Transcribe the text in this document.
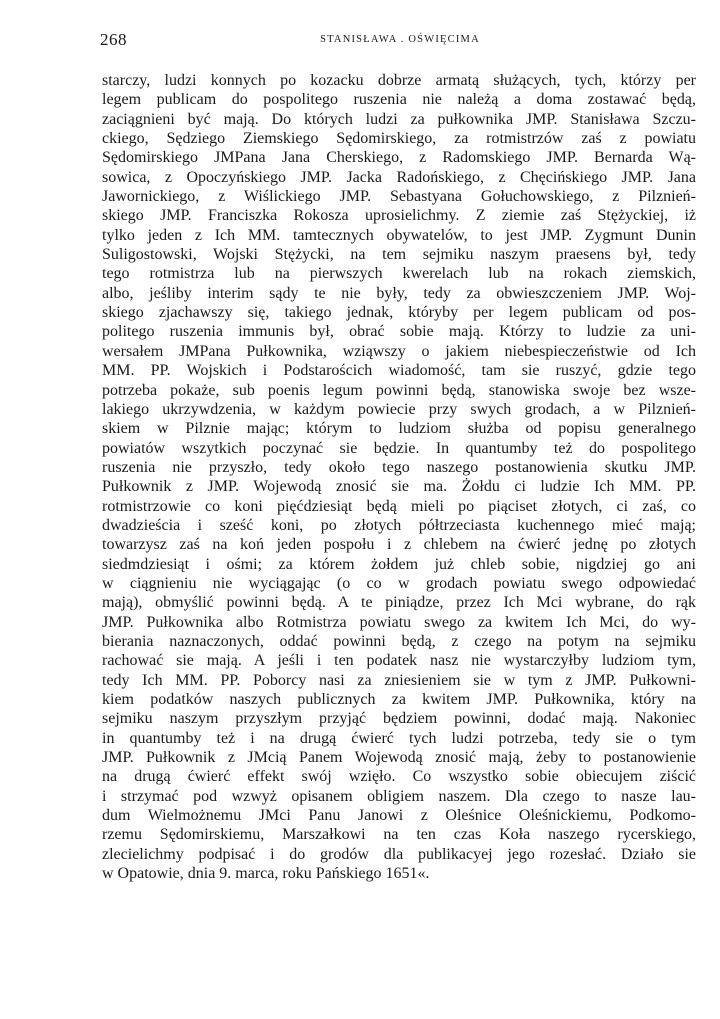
268	STANISŁAWA . OŚWIĘCIMA
starczy, ludzi konnych po kozacku dobrze armatą służących, tych, którzy per
legem publicam do pospolitego ruszenia nie należą a doma zostawać będą,
zaciągnieni być mają. Do których ludzi za pułkownika JMP. Stanisława Szczu-
ckiego, Sędziego Ziemskiego Sędomirskiego, za rotmistrzów zaś z powiatu
Sędomirskiego JMPana Jana Cherskiego, z Radomskiego JMP. Bernarda Wą-
sowica, z Opoczyńskiego JMP. Jacka Radońskiego, z Chęcińskiego JMP. Jana
Jawornickiego, z Wiślickiego JMP. Sebastyana Gołuchowskiego, z Pilznień-
skiego JMP. Franciszka Rokosza uprosielichmy. Z ziemie zaś Stężyckiej, iż
tylko jeden z Ich MM. tamtecznych obywatelów, to jest JMP. Zygmunt Dunin
Suligostowski, Wojski Stężycki, na tem sejmiku naszym praesens był, tedy
tego rotmistrza lub na pierwszych kwerelach lub na rokach ziemskich,
albo, jeśliby interim sądy te nie były, tedy za obwieszczeniem JMP. Woj-
skiego zjachawszy się, takiego jednak, któryby per legem publicam od pos-
politego ruszenia immunis był, obrać sobie mają. Którzy to ludzie za uni-
wersałem JMPana Pułkownika, wziąwszy o jakiem niebespieczeństwie od Ich
MM. PP. Wojskich i Podstarościch wiadomość, tam sie ruszyć, gdzie tego
potrzeba pokaże, sub poenis legum powinni będą, stanowiska swoje bez wsze-
lakiego ukrzywdzenia, w każdym powiecie przy swych grodach, a w Pilznień-
skiem w Pilznie mając; którym to ludziom służba od popisu generalnego
powiatów wszytkich poczynać sie będzie. In quantumby też do pospolitego
ruszenia nie przyszło, tedy około tego naszego postanowienia skutku JMP.
Pułkownik z JMP. Wojewodą znosić sie ma. Żołdu ci ludzie Ich MM. PP.
rotmistrzowie co koni pięćdziesiąt będą mieli po piąciset złotych, ci zaś, co
dwadzieścia i sześć koni, po złotych półtrzeciasta kuchennego mieć mają;
towarzysz zaś na koń jeden pospołu i z chlebem na ćwierć jednę po złotych
siedmdziesiąt i ośmi; za którem żołdem już chleb sobie, nigdziej go ani
w ciągnieniu nie wyciągając (o co w grodach powiatu swego odpowiedać
mają), obmyślić powinni będą. A te piniądze, przez Ich Mci wybrane, do rąk
JMP. Pułkownika albo Rotmistrza powiatu swego za kwitem Ich Mci, do wy-
bierania naznaczonych, oddać powinni będą, z czego na potym na sejmiku
rachować sie mają. A jeśli i ten podatek nasz nie wystarczyłby ludziom tym,
tedy Ich MM. PP. Poborcy nasi za zniesieniem sie w tym z JMP. Pułkowni-
kiem podatków naszych publicznych za kwitem JMP. Pułkownika, który na
sejmiku naszym przyszłym przyjąć będziem powinni, dodać mają. Nakoniec
in quantumby też i na drugą ćwierć tych ludzi potrzeba, tedy sie o tym
JMP. Pułkownik z JMcią Panem Wojewodą znosić mają, żeby to postanowienie
na drugą ćwierć effekt swój wzięło. Co wszystko sobie obiecujem ziścić
i strzymać pod wzwyż opisanem obligiem naszem. Dla czego to nasze lau-
dum Wielmożnemu JMci Panu Janowi z Oleśnice Oleśnickiemu, Podkomo-
rzemu Sędomirskiemu, Marszałkowi na ten czas Koła naszego rycerskiego,
zlecielichmy podpisać i do grodów dla publikacyej jego rozesłać. Działo sie
w Opatowie, dnia 9. marca, roku Pańskiego 1651«.
